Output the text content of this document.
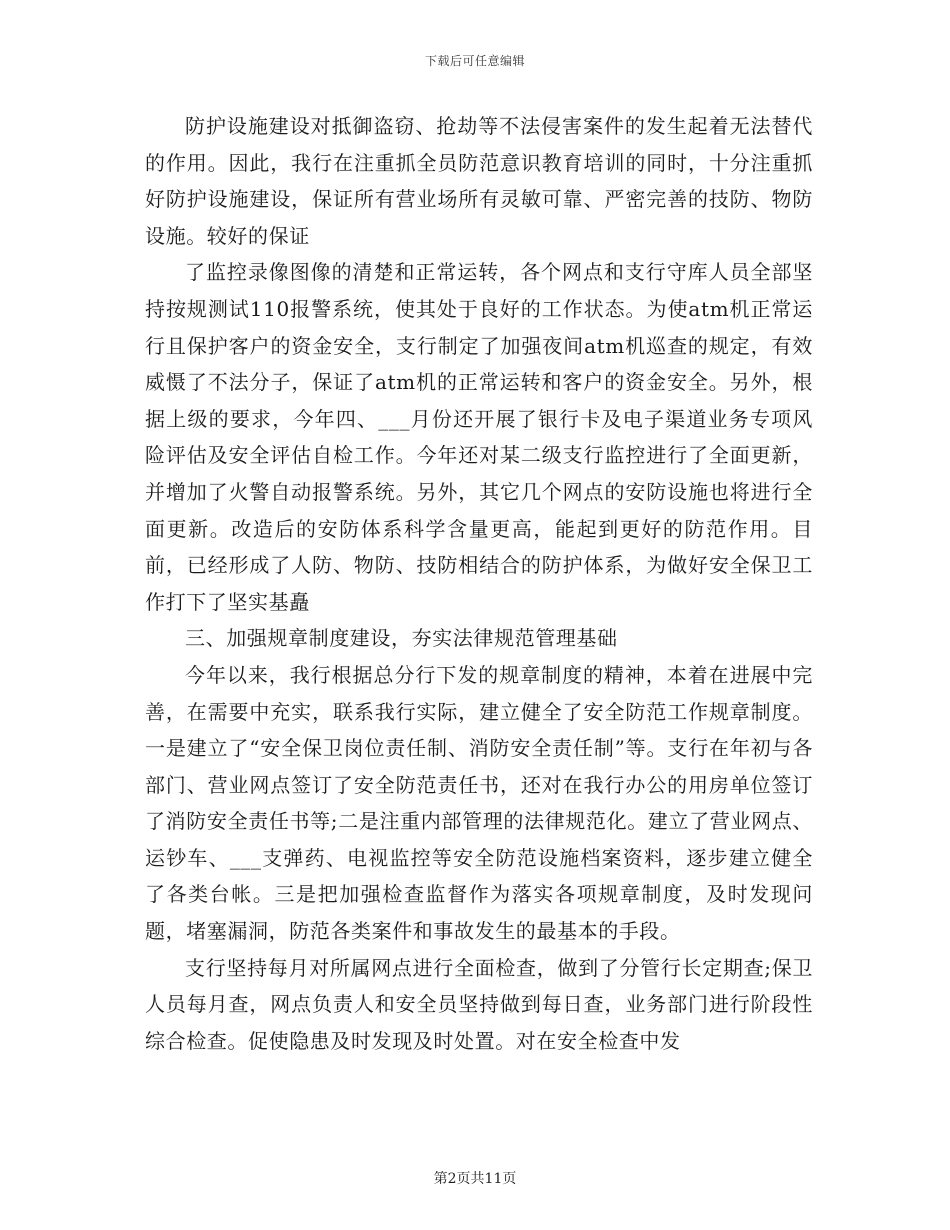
下载后可任意编辑

防护设施建设对抵御盗窃、抢劫等不法侵害案件的发生起着无法替代的作用。因此，我行在注重抓全员防范意识教育培训的同时，十分注重抓好防护设施建设，保证所有营业场所有灵敏可靠、严密完善的技防、物防设施。较好的保证

了监控录像图像的清楚和正常运转，各个网点和支行守库人员全部坚持按规测试110报警系统，使其处于良好的工作状态。为使atm机正常运行且保护客户的资金安全，支行制定了加强夜间atm机巡查的规定，有效威慑了不法分子，保证了atm机的正常运转和客户的资金安全。另外，根据上级的要求，今年四、___月份还开展了银行卡及电子渠道业务专项风险评估及安全评估自检工作。今年还对某二级支行监控进行了全面更新，并增加了火警自动报警系统。另外，其它几个网点的安防设施也将进行全面更新。改造后的安防体系科学含量更高，能起到更好的防范作用。目前，已经形成了人防、物防、技防相结合的防护体系，为做好安全保卫工作打下了坚实基矗

三、加强规章制度建设，夯实法律规范管理基础

今年以来，我行根据总分行下发的规章制度的精神，本着在进展中完善，在需要中充实，联系我行实际，建立健全了安全防范工作规章制度。一是建立了“安全保卫岗位责任制、消防安全责任制”等。支行在年初与各部门、营业网点签订了安全防范责任书，还对在我行办公的用房单位签订了消防安全责任书等;二是注重内部管理的法律规范化。建立了营业网点、运钞车、___支弹药、电视监控等安全防范设施档案资料，逐步建立健全了各类台帐。三是把加强检查监督作为落实各项规章制度，及时发现问题，堵塞漏洞，防范各类案件和事故发生的最基本的手段。

支行坚持每月对所属网点进行全面检查，做到了分管行长定期查;保卫人员每月查，网点负责人和安全员坚持做到每日查，业务部门进行阶段性综合检查。促使隐患及时发现及时处置。对在安全检查中发

第2页共11页
